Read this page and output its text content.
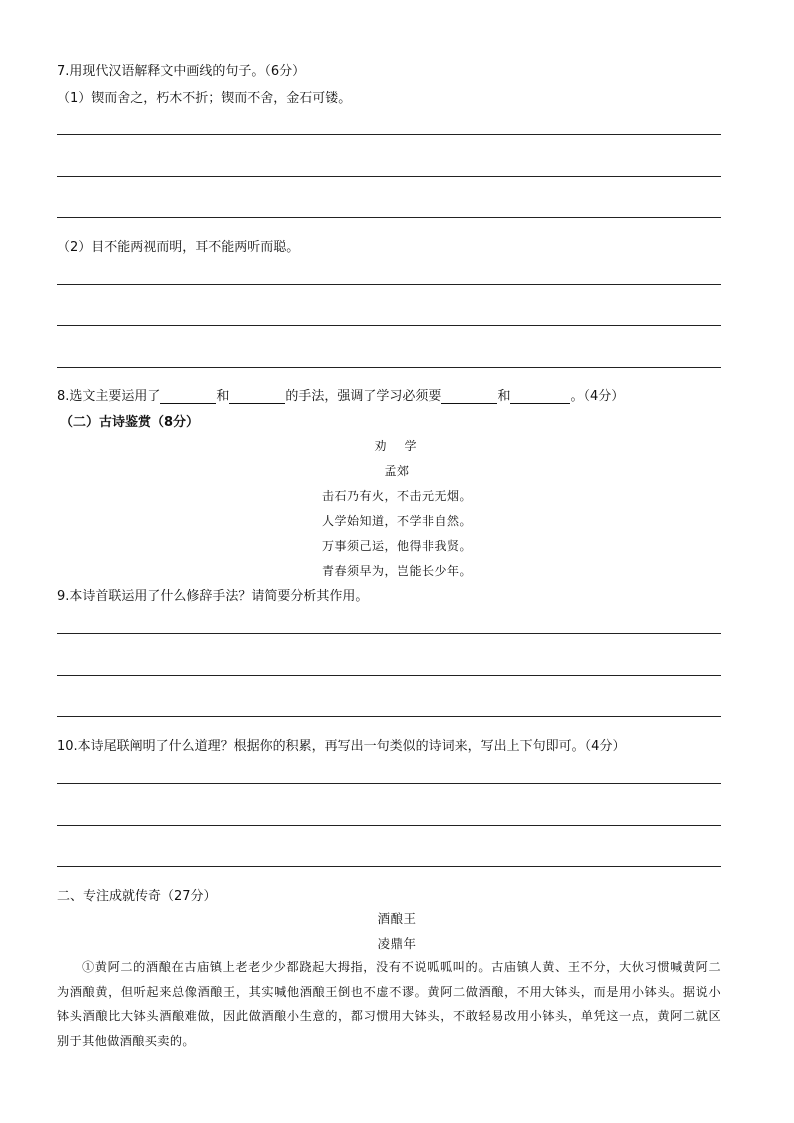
7.用现代汉语解释文中画线的句子。（6分）
（1）锲而舍之，朽木不折；锲而不舍，金石可镂。
（2）目不能两视而明，耳不能两听而聪。
8.选文主要运用了	和	的手法，强调了学习必须要	和	。（4分）
（二）古诗鉴赏（8分）
劝　学
孟郊
击石乃有火，不击元无烟。
人学始知道，不学非自然。
万事须己运，他得非我贤。
青春须早为，岂能长少年。
9.本诗首联运用了什么修辞手法？请简要分析其作用。
10.本诗尾联阐明了什么道理？根据你的积累，再写出一句类似的诗词来，写出上下句即可。（4分）
二、专注成就传奇（27分）
酒酿王
凌鼎年
①黄阿二的酒酿在古庙镇上老老少少都跷起大拇指，没有不说呱呱叫的。古庙镇人黄、王不分，大伙习惯喊黄阿二为酒酿黄，但听起来总像酒酿王，其实喊他酒酿王倒也不虚不谬。黄阿二做酒酿，不用大钵头，而是用小钵头。据说小钵头酒酿比大钵头酒酿难做，因此做酒酿小生意的，都习惯用大钵头，不敢轻易改用小钵头，单凭这一点，黄阿二就区别于其他做酒酿买卖的。
